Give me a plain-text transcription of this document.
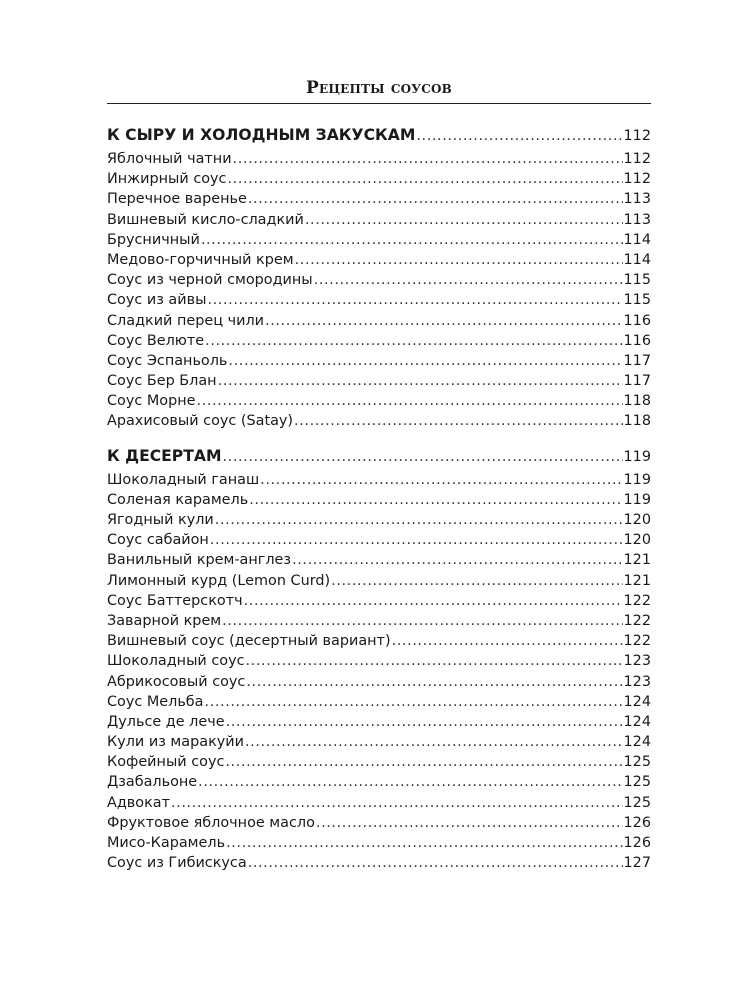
Рецепты соусов
К СЫРУ И ХОЛОДНЫМ ЗАКУСКАМ .....	112
Яблочный чатни .....	112
Инжирный соус .....	112
Перечное варенье .....	113
Вишневый кисло-сладкий .....	113
Брусничный .....	114
Медово-горчичный крем .....	114
Соус из черной смородины .....	115
Соус из айвы .....	115
Сладкий перец чили .....	116
Соус Велюте .....	116
Соус Эспаньоль .....	117
Соус Бер Блан .....	117
Соус Морне .....	118
Арахисовый соус (Satay) .....	118
К ДЕСЕРТАМ .....	119
Шоколадный ганаш .....	119
Соленая карамель .....	119
Ягодный кули .....	120
Соус сабайон .....	120
Ванильный крем-англез .....	121
Лимонный курд (Lemon Curd) .....	121
Соус Баттерскотч .....	122
Заварной крем .....	122
Вишневый соус (десертный вариант) .....	122
Шоколадный соус .....	123
Абрикосовый соус .....	123
Соус Мельба .....	124
Дульсе де лече .....	124
Кули из маракуйи .....	124
Кофейный соус .....	125
Дзабальоне .....	125
Адвокат .....	125
Фруктовое яблочное масло .....	126
Мисо-Карамель .....	126
Соус из Гибискуса .....	127
